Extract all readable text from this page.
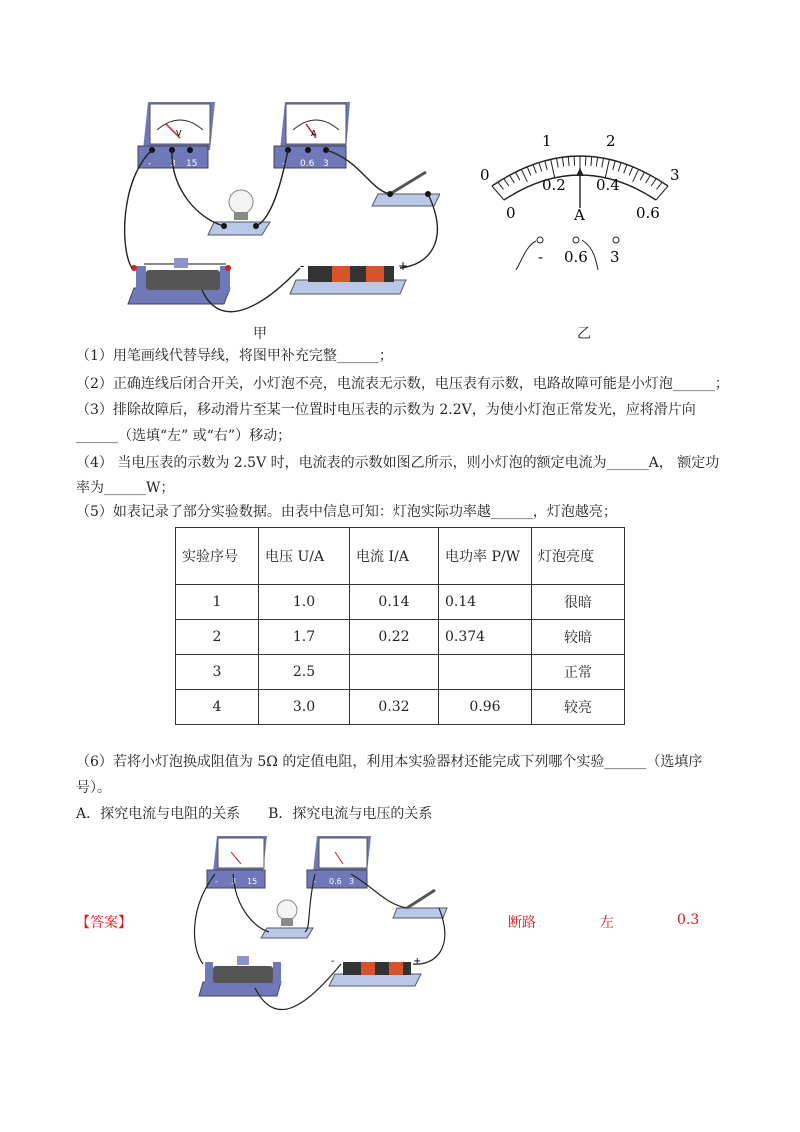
V
- 3 15
A
- 0.6 3
-	+
甲
0
1	2
3
0
0.2 0.4
0.6
A
- 0.6 3
乙
（1）用笔画线代替导线，将图甲补充完整______；
（2）正确连线后闭合开关，小灯泡不亮，电流表无示数，电压表有示数，电路故障可能是小灯泡______；
（3）排除故障后，移动滑片至某一位置时电压表的示数为 2.2V，为使小灯泡正常发光，应将滑片向
______（选填“左” 或“右”）移动；
（4） 当电压表的示数为 2.5V 时，电流表的示数如图乙所示，则小灯泡的额定电流为______A， 额定功
率为______W；
（5）如表记录了部分实验数据。由表中信息可知：灯泡实际功率越______，灯泡越亮；
实验序号	电压 U/A	电流 I/A	电功率 P/W	灯泡亮度
1	1.0	0.14	0.14	很暗
2	1.7	0.22	0.374	较暗
3	2.5			正常
4	3.0	0.32	0.96	较亮
（6）若将小灯泡换成阻值为 5Ω 的定值电阻，利用本实验器材还能完成下列哪个实验______（选填序
号）。
A．探究电流与电阻的关系　　B．探究电流与电压的关系
【答案】
- 3 15	- 0.6 3
-	+
断路	左	0.3
